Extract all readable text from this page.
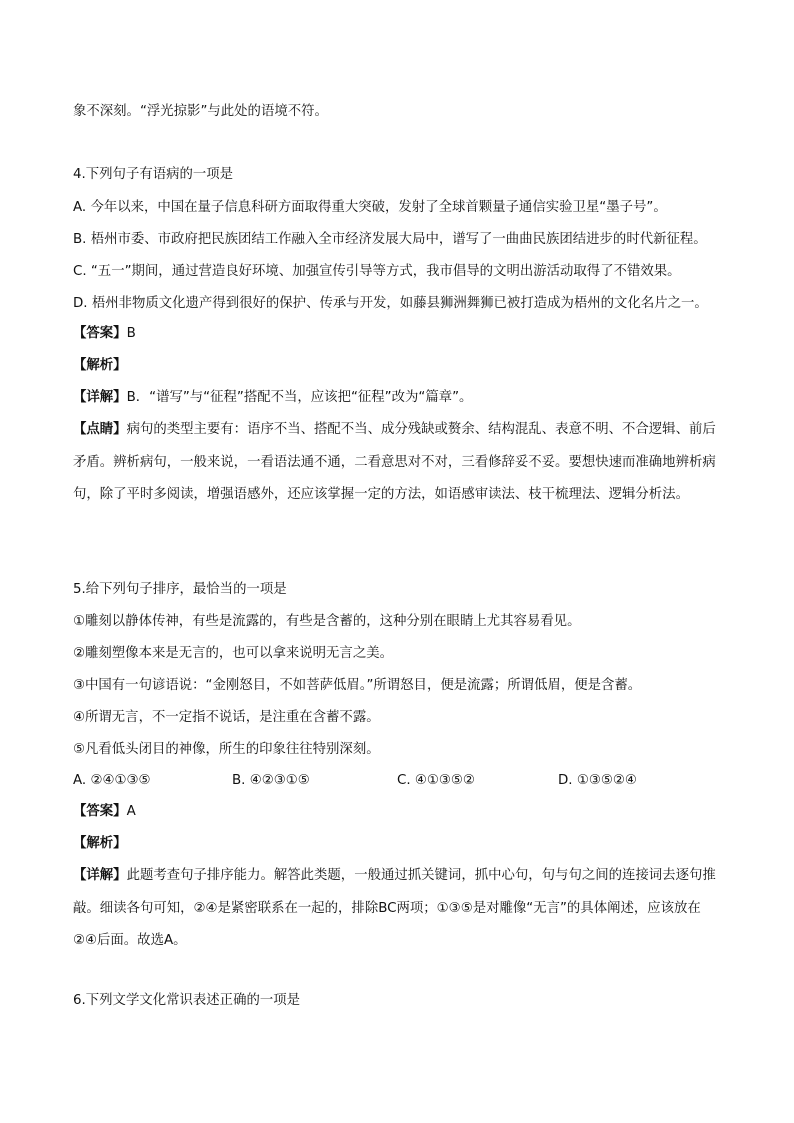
象不深刻。“浮光掠影”与此处的语境不符。
4.下列句子有语病的一项是
A. 今年以来，中国在量子信息科研方面取得重大突破，发射了全球首颗量子通信实验卫星“墨子号”。
B. 梧州市委、市政府把民族团结工作融入全市经济发展大局中，谱写了一曲曲民族团结进步的时代新征程。
C. “五一”期间，通过营造良好环境、加强宣传引导等方式，我市倡导的文明出游活动取得了不错效果。
D. 梧州非物质文化遗产得到很好的保护、传承与开发，如藤县狮洲舞狮已被打造成为梧州的文化名片之一。
【答案】B
【解析】
【详解】B．“谱写”与“征程”搭配不当，应该把“征程”改为“篇章”。
【点睛】病句的类型主要有：语序不当、搭配不当、成分残缺或赘余、结构混乱、表意不明、不合逻辑、前后矛盾。辨析病句，一般来说，一看语法通不通，二看意思对不对，三看修辞妥不妥。要想快速而准确地辨析病句，除了平时多阅读，增强语感外，还应该掌握一定的方法，如语感审读法、枝干梳理法、逻辑分析法。
5.给下列句子排序，最恰当的一项是
①雕刻以静体传神，有些是流露的，有些是含蓄的，这种分别在眼睛上尤其容易看见。
②雕刻塑像本来是无言的，也可以拿来说明无言之美。
③中国有一句谚语说：“金刚怒目，不如菩萨低眉。”所谓怒目，便是流露；所谓低眉，便是含蓄。
④所谓无言，不一定指不说话，是注重在含蓄不露。
⑤凡看低头闭目的神像，所生的印象往往特别深刻。
A. ②④①③⑤	B. ④②③①⑤	C. ④①③⑤②	D. ①③⑤②④
【答案】A
【解析】
【详解】此题考查句子排序能力。解答此类题，一般通过抓关键词，抓中心句，句与句之间的连接词去逐句推敲。细读各句可知，②④是紧密联系在一起的，排除BC两项；①③⑤是对雕像“无言”的具体阐述，应该放在②④后面。故选A。
6.下列文学文化常识表述正确的一项是
